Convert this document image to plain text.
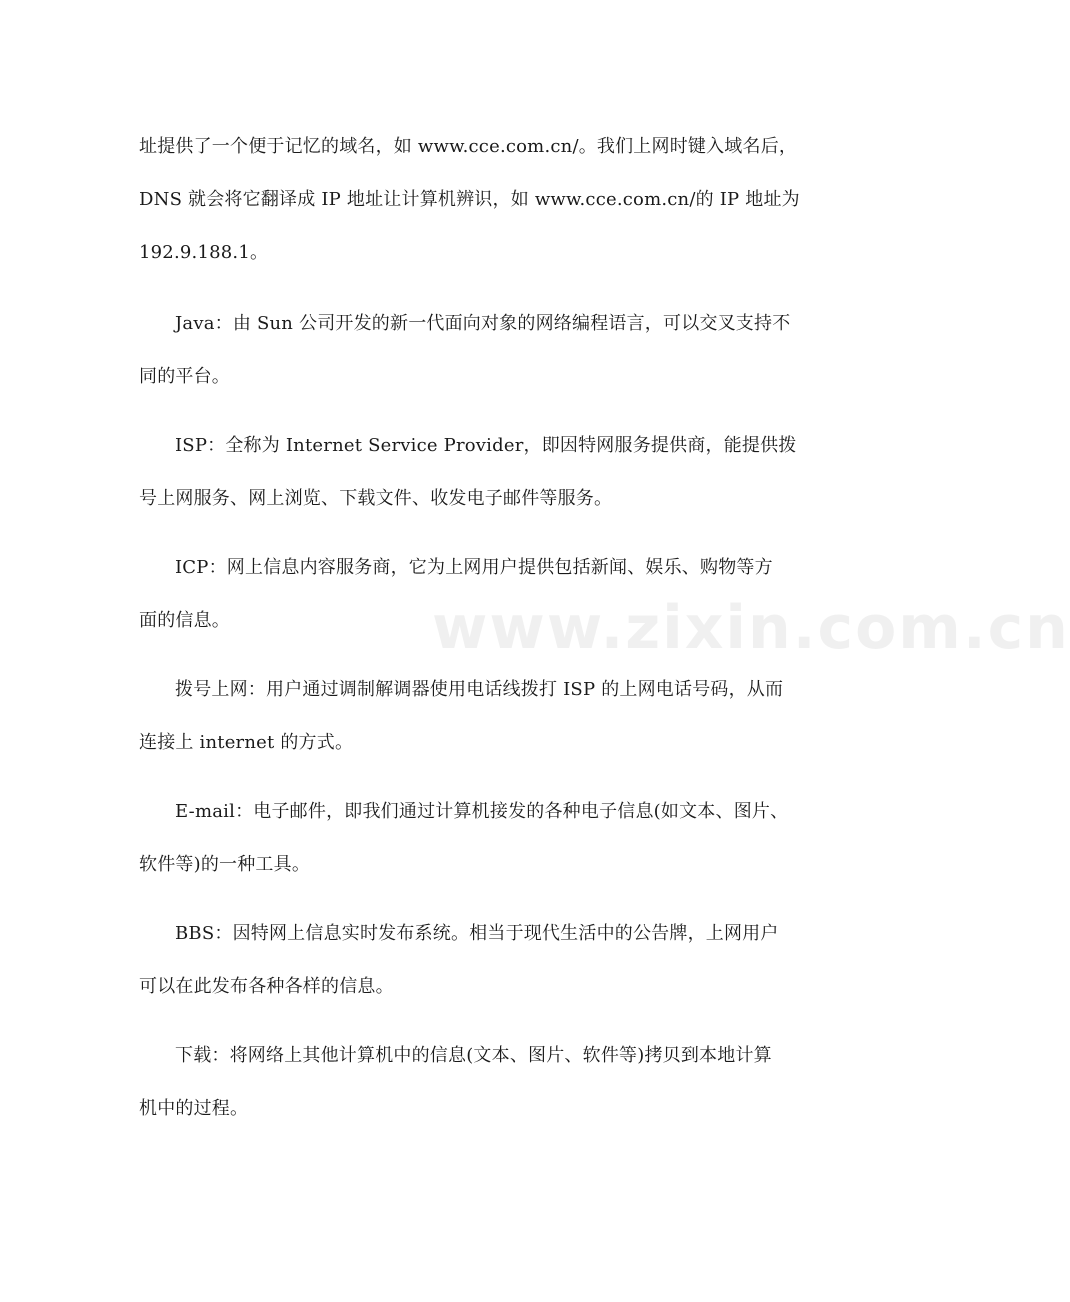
址提供了一个便于记忆的域名，如 www.cce.com.cn/。我们上网时键入域名后，
DNS 就会将它翻译成 IP 地址让计算机辨识，如 www.cce.com.cn/的 IP 地址为
192.9.188.1。

Java：由 Sun 公司开发的新一代面向对象的网络编程语言，可以交叉支持不
同的平台。

ISP：全称为 Internet Service Provider，即因特网服务提供商，能提供拨
号上网服务、网上浏览、下载文件、收发电子邮件等服务。

ICP：网上信息内容服务商，它为上网用户提供包括新闻、娱乐、购物等方
面的信息。

拨号上网：用户通过调制解调器使用电话线拨打 ISP 的上网电话号码，从而
连接上 internet 的方式。

E-mail：电子邮件，即我们通过计算机接发的各种电子信息(如文本、图片、
软件等)的一种工具。

BBS：因特网上信息实时发布系统。相当于现代生活中的公告牌，上网用户
可以在此发布各种各样的信息。

下载：将网络上其他计算机中的信息(文本、图片、软件等)拷贝到本地计算
机中的过程。

www.zixin.com.cn
